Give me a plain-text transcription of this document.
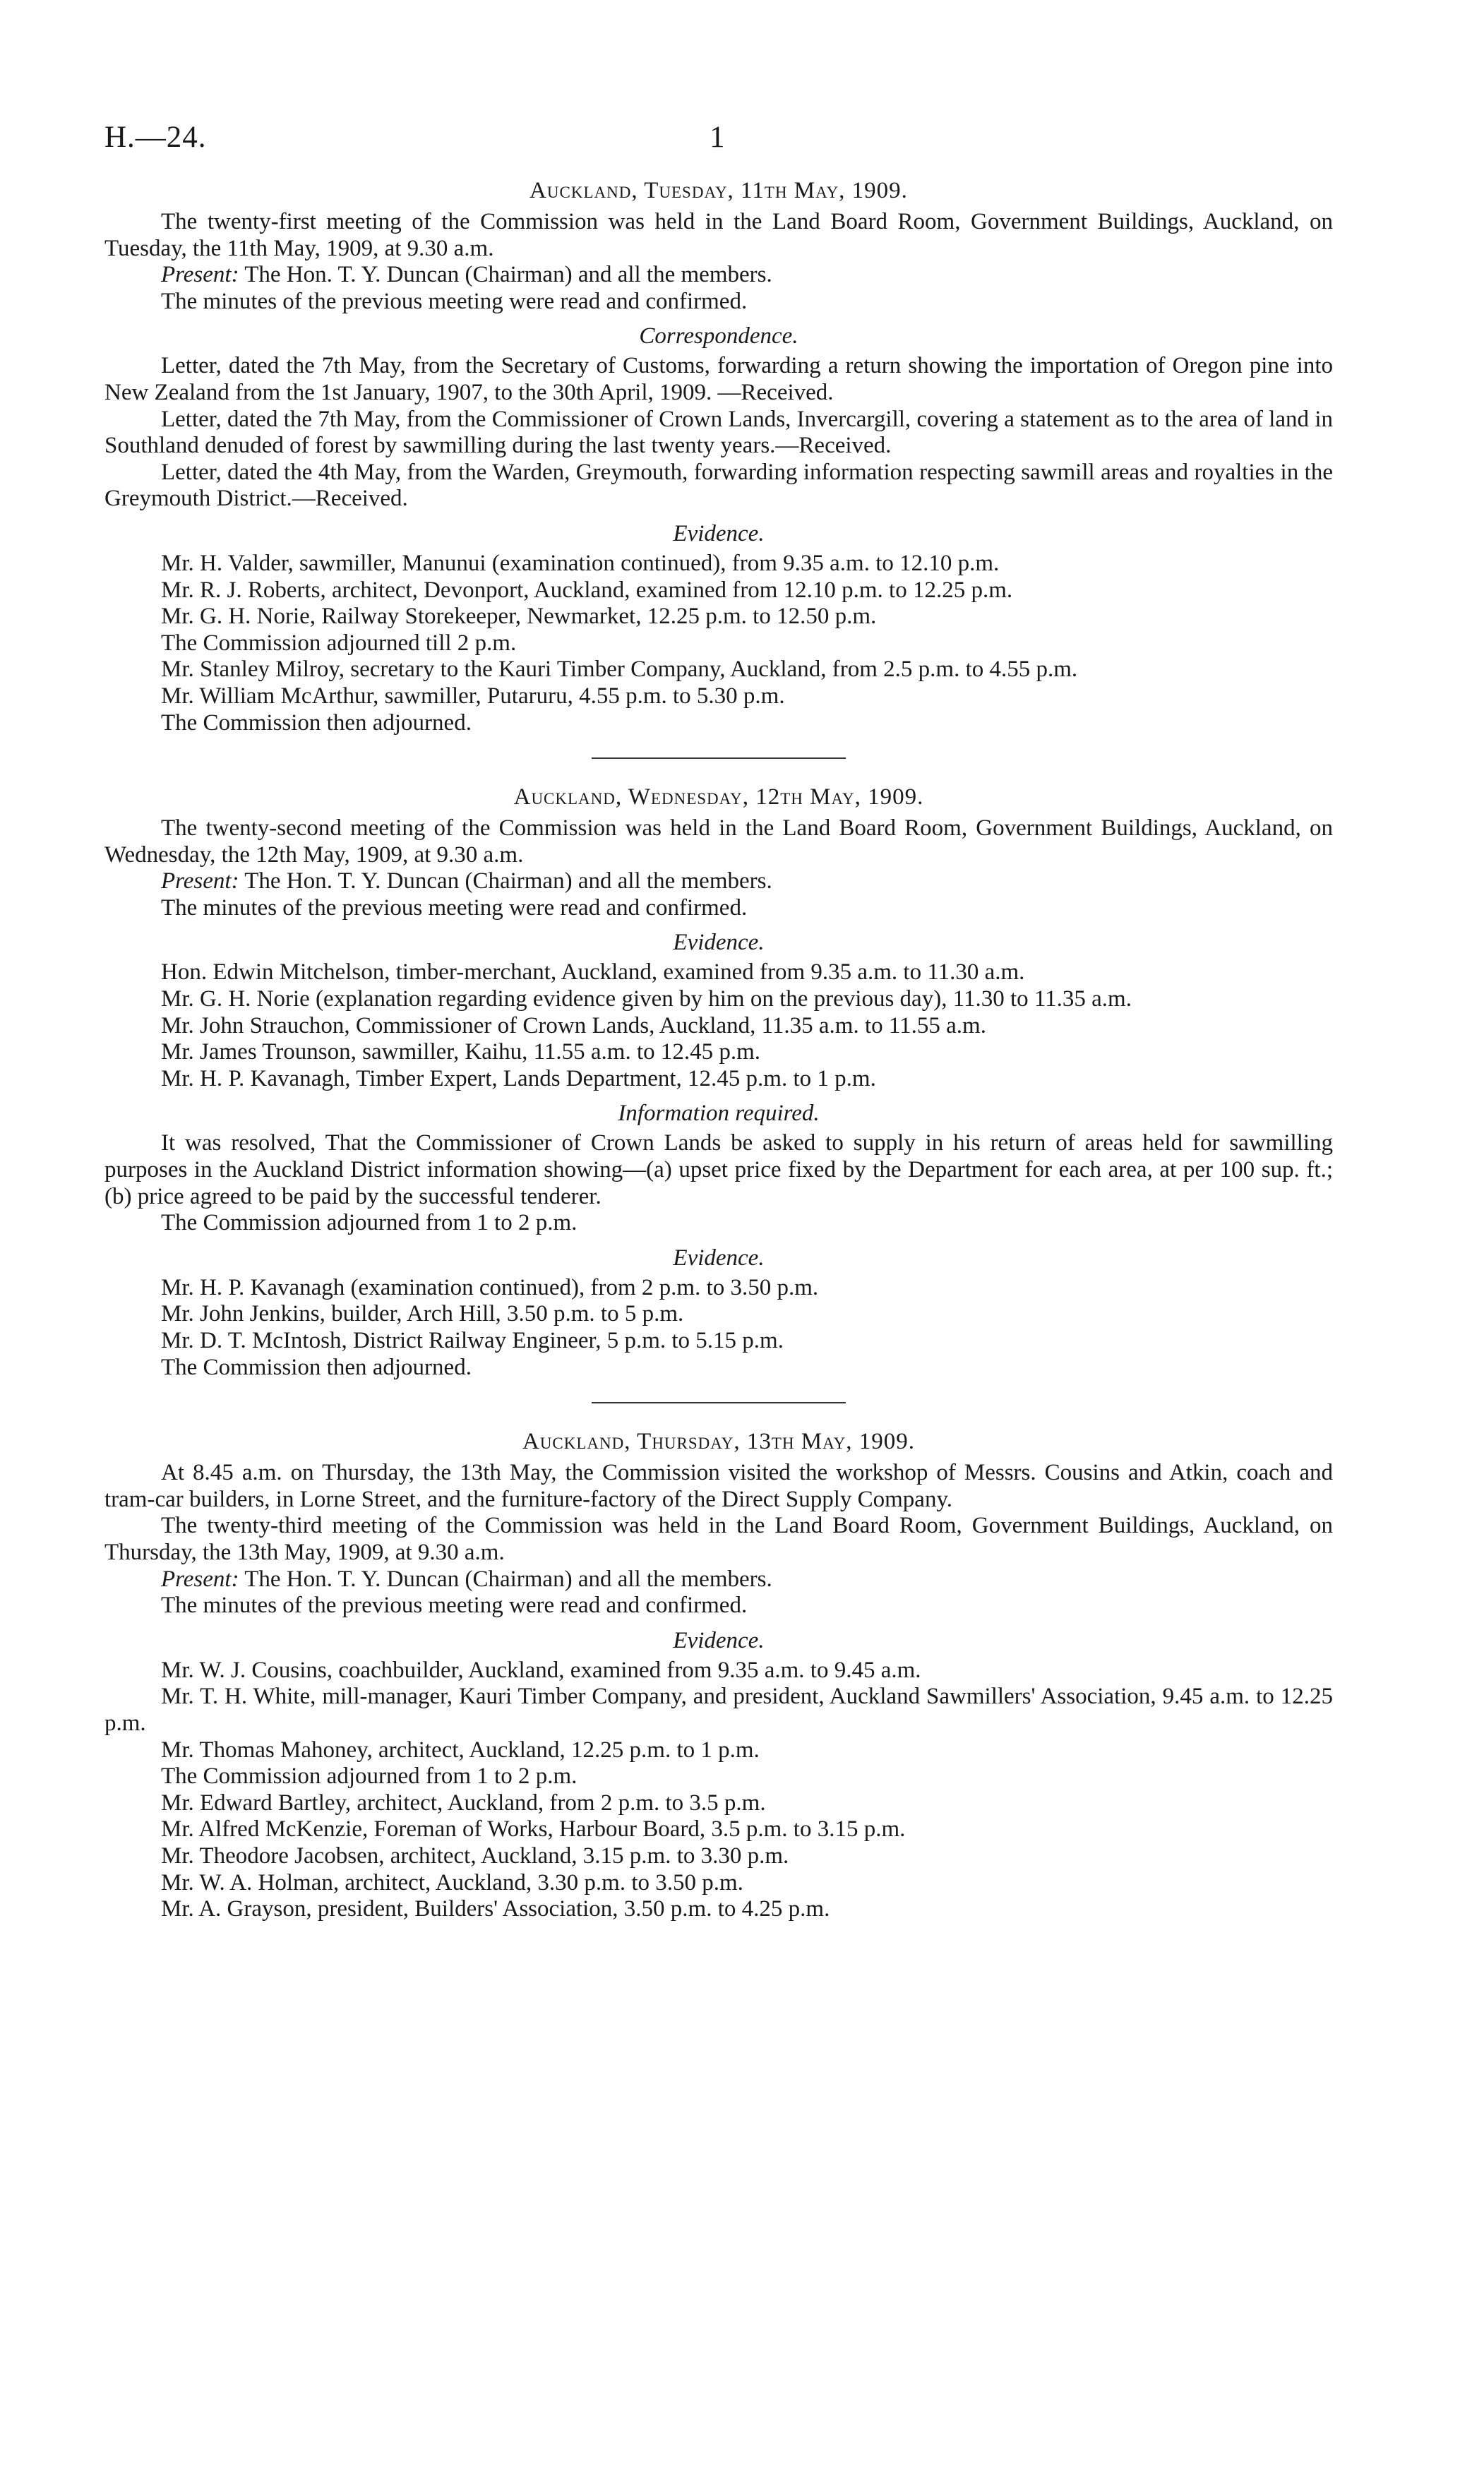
H.—24.	1
Auckland, Tuesday, 11th May, 1909.

The twenty-first meeting of the Commission was held in the Land Board Room, Government Buildings, Auckland, on Tuesday, the 11th May, 1909, at 9.30 a.m.

Present: The Hon. T. Y. Duncan (Chairman) and all the members.

The minutes of the previous meeting were read and confirmed.

Correspondence.

Letter, dated the 7th May, from the Secretary of Customs, forwarding a return showing the importation of Oregon pine into New Zealand from the 1st January, 1907, to the 30th April, 1909. —Received.

Letter, dated the 7th May, from the Commissioner of Crown Lands, Invercargill, covering a statement as to the area of land in Southland denuded of forest by sawmilling during the last twenty years.—Received.

Letter, dated the 4th May, from the Warden, Greymouth, forwarding information respecting sawmill areas and royalties in the Greymouth District.—Received.

Evidence.

Mr. H. Valder, sawmiller, Manunui (examination continued), from 9.35 a.m. to 12.10 p.m.

Mr. R. J. Roberts, architect, Devonport, Auckland, examined from 12.10 p.m. to 12.25 p.m.

Mr. G. H. Norie, Railway Storekeeper, Newmarket, 12.25 p.m. to 12.50 p.m.

The Commission adjourned till 2 p.m.

Mr. Stanley Milroy, secretary to the Kauri Timber Company, Auckland, from 2.5 p.m. to 4.55 p.m.

Mr. William McArthur, sawmiller, Putaruru, 4.55 p.m. to 5.30 p.m.

The Commission then adjourned.

Auckland, Wednesday, 12th May, 1909.

The twenty-second meeting of the Commission was held in the Land Board Room, Government Buildings, Auckland, on Wednesday, the 12th May, 1909, at 9.30 a.m.

Present: The Hon. T. Y. Duncan (Chairman) and all the members.

The minutes of the previous meeting were read and confirmed.

Evidence.

Hon. Edwin Mitchelson, timber-merchant, Auckland, examined from 9.35 a.m. to 11.30 a.m.

Mr. G. H. Norie (explanation regarding evidence given by him on the previous day), 11.30 to 11.35 a.m.

Mr. John Strauchon, Commissioner of Crown Lands, Auckland, 11.35 a.m. to 11.55 a.m.

Mr. James Trounson, sawmiller, Kaihu, 11.55 a.m. to 12.45 p.m.

Mr. H. P. Kavanagh, Timber Expert, Lands Department, 12.45 p.m. to 1 p.m.

Information required.

It was resolved, That the Commissioner of Crown Lands be asked to supply in his return of areas held for sawmilling purposes in the Auckland District information showing—(a) upset price fixed by the Department for each area, at per 100 sup. ft.; (b) price agreed to be paid by the successful tenderer.

The Commission adjourned from 1 to 2 p.m.

Evidence.

Mr. H. P. Kavanagh (examination continued), from 2 p.m. to 3.50 p.m.

Mr. John Jenkins, builder, Arch Hill, 3.50 p.m. to 5 p.m.

Mr. D. T. McIntosh, District Railway Engineer, 5 p.m. to 5.15 p.m.

The Commission then adjourned.

Auckland, Thursday, 13th May, 1909.

At 8.45 a.m. on Thursday, the 13th May, the Commission visited the workshop of Messrs. Cousins and Atkin, coach and tram-car builders, in Lorne Street, and the furniture-factory of the Direct Supply Company.

The twenty-third meeting of the Commission was held in the Land Board Room, Government Buildings, Auckland, on Thursday, the 13th May, 1909, at 9.30 a.m.

Present: The Hon. T. Y. Duncan (Chairman) and all the members.

The minutes of the previous meeting were read and confirmed.

Evidence.

Mr. W. J. Cousins, coachbuilder, Auckland, examined from 9.35 a.m. to 9.45 a.m.

Mr. T. H. White, mill-manager, Kauri Timber Company, and president, Auckland Sawmillers' Association, 9.45 a.m. to 12.25 p.m.

Mr. Thomas Mahoney, architect, Auckland, 12.25 p.m. to 1 p.m.

The Commission adjourned from 1 to 2 p.m.

Mr. Edward Bartley, architect, Auckland, from 2 p.m. to 3.5 p.m.

Mr. Alfred McKenzie, Foreman of Works, Harbour Board, 3.5 p.m. to 3.15 p.m.

Mr. Theodore Jacobsen, architect, Auckland, 3.15 p.m. to 3.30 p.m.

Mr. W. A. Holman, architect, Auckland, 3.30 p.m. to 3.50 p.m.

Mr. A. Grayson, president, Builders' Association, 3.50 p.m. to 4.25 p.m.
